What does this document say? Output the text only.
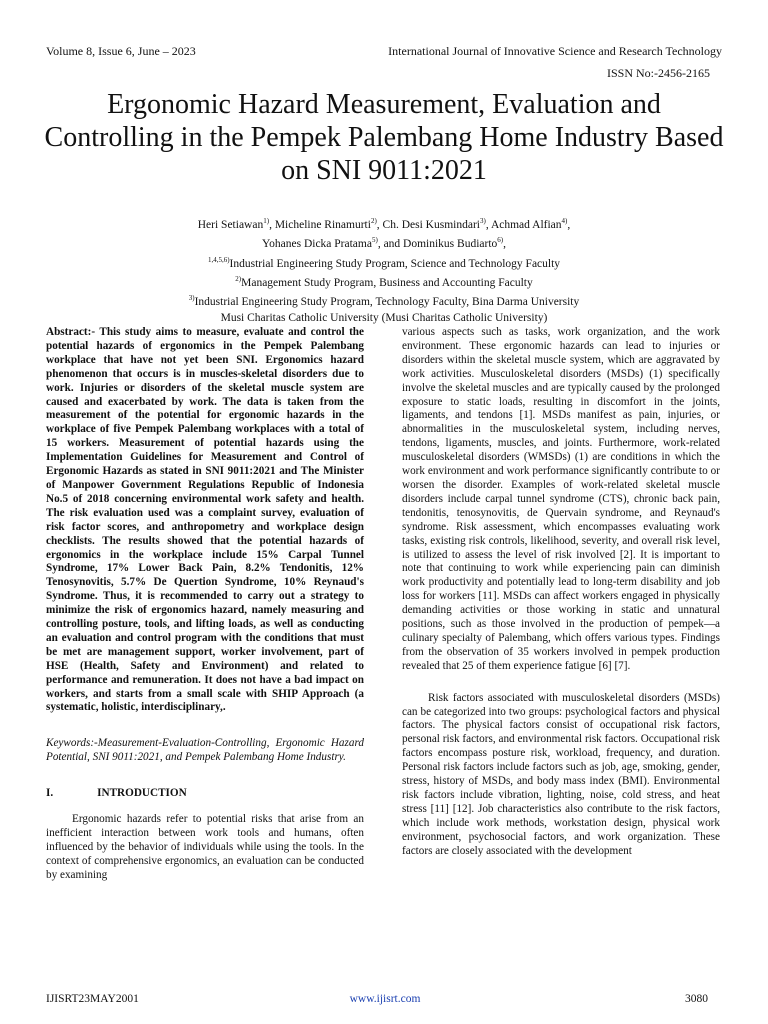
Volume 8, Issue 6, June – 2023	International Journal of Innovative Science and Research Technology
ISSN No:-2456-2165
Ergonomic Hazard Measurement, Evaluation and Controlling in the Pempek Palembang Home Industry Based on SNI 9011:2021
Heri Setiawan$^{1)}$, Micheline Rinamurti$^{2)}$, Ch. Desi Kusmindari$^{3)}$, Achmad Alfian$^{4)}$,
Yohanes Dicka Pratama$^{5)}$, and Dominikus Budiarto$^{6)}$,
$^{1,4,5,6)}$Industrial Engineering Study Program, Science and Technology Faculty
$^{2)}$Management Study Program, Business and Accounting Faculty
$^{3)}$Industrial Engineering Study Program, Technology Faculty, Bina Darma University
Musi Charitas Catholic University (Musi Charitas Catholic University)

Abstract:- This study aims to measure, evaluate and control the potential hazards of ergonomics in the Pempek Palembang workplace that have not yet been SNI. Ergonomics hazard phenomenon that occurs is in muscles-skeletal disorders due to work. Injuries or disorders of the skeletal muscle system are caused and exacerbated by work. The data is taken from the measurement of the potential for ergonomic hazards in the workplace of five Pempek Palembang workplaces with a total of 15 workers. Measurement of potential hazards using the Implementation Guidelines for Measurement and Control of Ergonomic Hazards as stated in SNI 9011:2021 and The Minister of Manpower Government Regulations Republic of Indonesia No.5 of 2018 concerning environmental work safety and health. The risk evaluation used was a complaint survey, evaluation of risk factor scores, and anthropometry and workplace design checklists. The results showed that the potential hazards of ergonomics in the workplace include 15% Carpal Tunnel Syndrome, 17% Lower Back Pain, 8.2% Tendonitis, 12% Tenosynovitis, 5.7% De Quertion Syndrome, 10% Reynaud's Syndrome. Thus, it is recommended to carry out a strategy to minimize the risk of ergonomics hazard, namely measuring and controlling posture, tools, and lifting loads, as well as conducting an evaluation and control program with the conditions that must be met are management support, worker involvement, part of HSE (Health, Safety and Environment) and related to performance and remuneration. It does not have a bad impact on workers, and starts from a small scale with SHIP Approach (a systematic, holistic, interdisciplinary,.

Keywords:-Measurement-Evaluation-Controlling, Ergonomic Hazard Potential, SNI 9011:2021, and Pempek Palembang Home Industry.

I.	INTRODUCTION

Ergonomic hazards refer to potential risks that arise from an inefficient interaction between work tools and humans, often influenced by the behavior of individuals while using the tools. In the context of comprehensive ergonomics, an evaluation can be conducted by examining

various aspects such as tasks, work organization, and the work environment. These ergonomic hazards can lead to injuries or disorders within the skeletal muscle system, which are aggravated by work activities. Musculoskeletal disorders (MSDs) (1) specifically involve the skeletal muscles and are typically caused by the prolonged exposure to static loads, resulting in discomfort in the joints, ligaments, and tendons [1]. MSDs manifest as pain, injuries, or abnormalities in the musculoskeletal system, including nerves, tendons, ligaments, muscles, and joints. Furthermore, work-related musculoskeletal disorders (WMSDs) (1) are conditions in which the work environment and work performance significantly contribute to or worsen the disorder. Examples of work-related skeletal muscle disorders include carpal tunnel syndrome (CTS), chronic back pain, tendonitis, tenosynovitis, de Quervain syndrome, and Reynaud's syndrome. Risk assessment, which encompasses evaluating work tasks, existing risk controls, likelihood, severity, and overall risk level, is utilized to assess the level of risk involved [2]. It is important to note that continuing to work while experiencing pain can diminish work productivity and potentially lead to long-term disability and job loss for workers [11]. MSDs can affect workers engaged in physically demanding activities or those working in static and unnatural positions, such as those involved in the production of pempek—a culinary specialty of Palembang, which offers various types. Findings from the observation of 35 workers involved in pempek production revealed that 25 of them experience fatigue [6] [7].

Risk factors associated with musculoskeletal disorders (MSDs) can be categorized into two groups: psychological factors and physical factors. The physical factors consist of occupational risk factors, personal risk factors, and environmental risk factors. Occupational risk factors encompass posture risk, workload, frequency, and duration. Personal risk factors include factors such as job, age, smoking, gender, stress, history of MSDs, and body mass index (BMI). Environmental risk factors include vibration, lighting, noise, cold stress, and heat stress [11] [12]. Job characteristics also contribute to the risk factors, which include work methods, workstation design, physical work environment, psychosocial factors, and work organization. These factors are closely associated with the development

IJISRT23MAY2001	www.ijisrt.com	3080
